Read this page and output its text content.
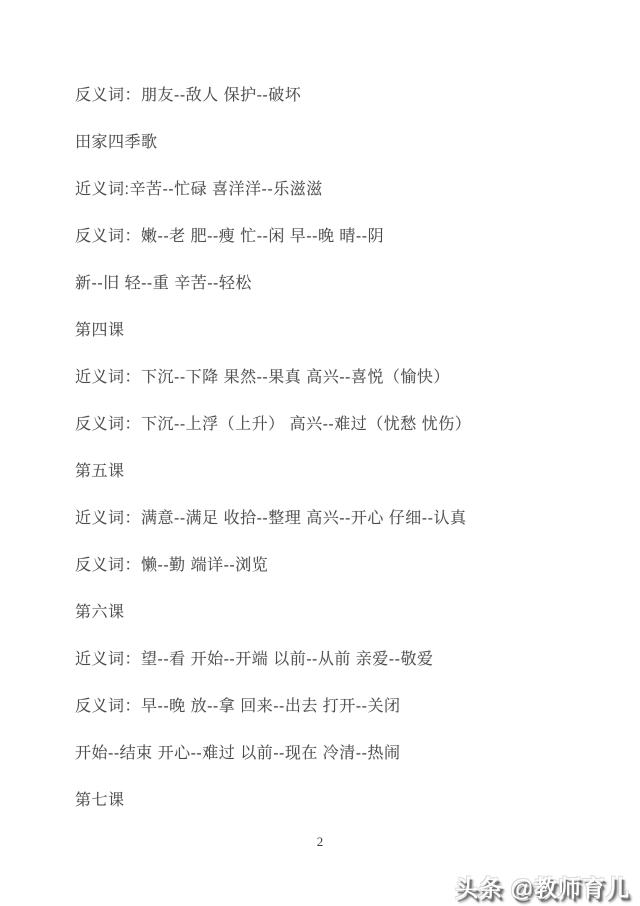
反义词：朋友--敌人 保护--破坏
田家四季歌
近义词:辛苦--忙碌 喜洋洋--乐滋滋
反义词：嫩--老 肥--瘦 忙--闲 早--晚 晴--阴
新--旧 轻--重 辛苦--轻松
第四课
近义词：下沉--下降 果然--果真 高兴--喜悦（愉快）
反义词：下沉--上浮（上升） 高兴--难过（忧愁 忧伤）
第五课
近义词：满意--满足 收拾--整理 高兴--开心 仔细--认真
反义词：懒--勤 端详--浏览
第六课
近义词：望--看 开始--开端 以前--从前 亲爱--敬爱
反义词：早--晚 放--拿 回来--出去 打开--关闭
开始--结束 开心--难过 以前--现在 冷清--热闹
第七课
2
头条 @教师育儿
